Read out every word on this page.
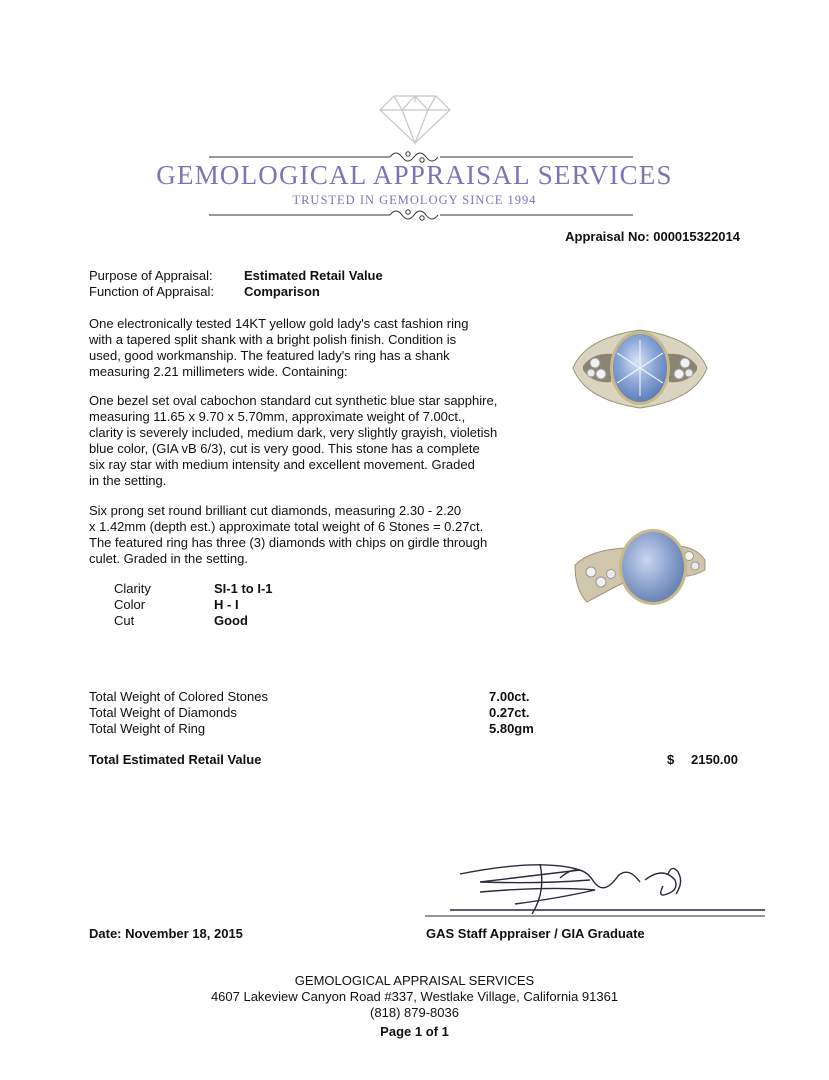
GEMOLOGICAL APPRAISAL SERVICES
TRUSTED IN GEMOLOGY SINCE 1994
Appraisal No: 000015322014
Purpose of Appraisal: Estimated Retail Value
Function of Appraisal: Comparison
One electronically tested 14KT yellow gold lady's cast fashion ring
with a tapered split shank with a bright polish finish. Condition is
used, good workmanship. The featured lady's ring has a shank
measuring 2.21 millimeters wide. Containing:
One bezel set oval cabochon standard cut synthetic blue star sapphire,
measuring 11.65 x 9.70 x 5.70mm, approximate weight of 7.00ct.,
clarity is severely included, medium dark, very slightly grayish, violetish
blue color, (GIA vB 6/3), cut is very good. This stone has a complete
six ray star with medium intensity and excellent movement. Graded
in the setting.
Six prong set round brilliant cut diamonds, measuring 2.30 - 2.20
x 1.42mm (depth est.) approximate total weight of 6 Stones = 0.27ct.
The featured ring has three (3) diamonds with chips on girdle through
culet. Graded in the setting.
Clarity	SI-1 to I-1
Color	H - I
Cut	Good
Total Weight of Colored Stones	7.00ct.
Total Weight of Diamonds	0.27ct.
Total Weight of Ring	5.80gm
Total Estimated Retail Value	$ 2150.00
Date: November 18, 2015	GAS Staff Appraiser / GIA Graduate
GEMOLOGICAL APPRAISAL SERVICES
4607 Lakeview Canyon Road #337, Westlake Village, California 91361
(818) 879-8036
Page 1 of 1
